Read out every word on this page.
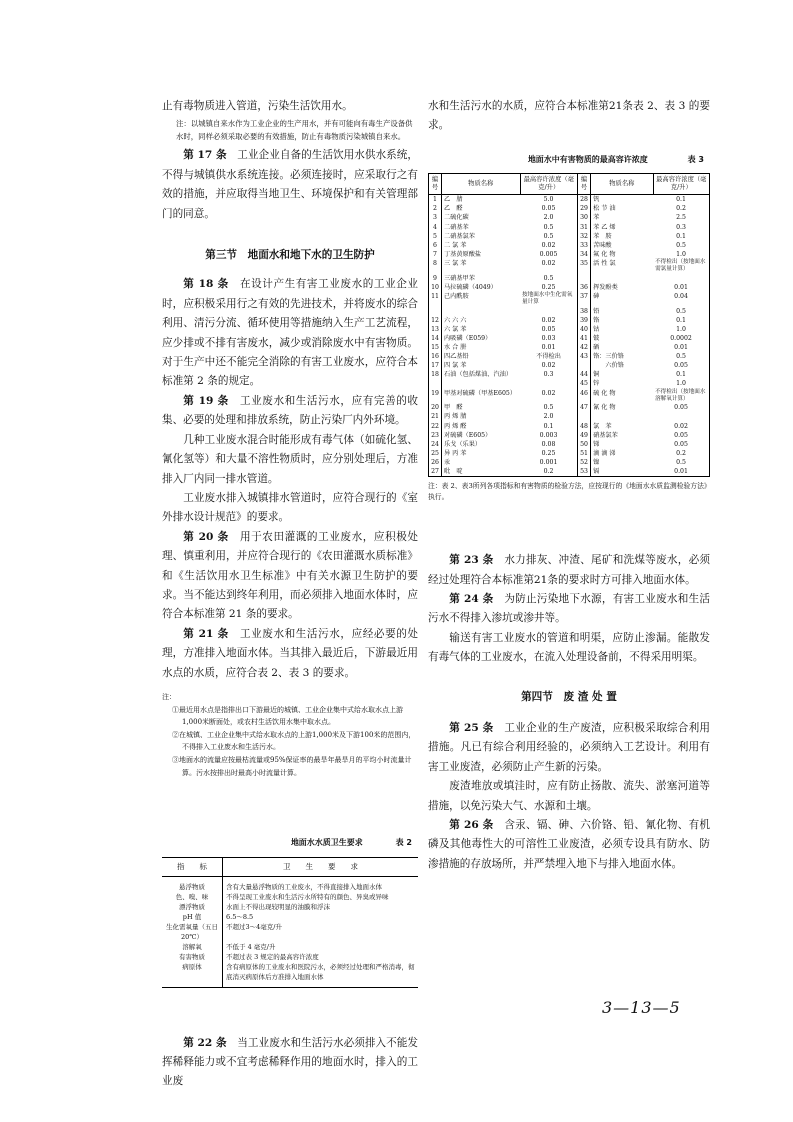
止有毒物质进入管道，污染生活饮用水。

注：以城镇自来水作为工业企业的生产用水，并有可能向有毒生产设备供水时，同样必须采取必要的有效措施，防止有毒物质污染城镇自来水。

第 17 条　 工业企业自备的生活饮用水供水系统，不得与城镇供水系统连接。必须连接时，应采取行之有效的措施，并应取得当地卫生、环境保护和有关管理部门的同意。

第三节　地面水和地下水的卫生防护

第 18 条　 在设计产生有害工业废水的工业企业时，应积极采用行之有效的先进技术，并将废水的综合利用、清污分流、循环使用等措施纳入生产工艺流程，应少排或不排有害废水，减少或消除废水中有害物质。对于生产中还不能完全消除的有害工业废水，应符合本标准第 2 条的规定。

第 19 条　 工业废水和生活污水，应有完善的收集、必要的处理和排放系统，防止污染厂内外环境。

几种工业废水混合时能形成有毒气体（如硫化氢、氰化氢等）和大量不溶性物质时，应分别处理后，方准排入厂内同一排水管道。

工业废水排入城镇排水管道时，应符合现行的《室外排水设计规范》的要求。

第 20 条　 用于农田灌溉的工业废水，应积极处理、慎重利用，并应符合现行的《农田灌溉水质标准》和《生活饮用水卫生标准》中有关水源卫生防护的要求。当不能达到终年利用，而必须排入地面水体时，应符合本标准第 21 条的要求。

第 21 条　 工业废水和生活污水，应经必要的处理，方准排入地面水体。当其排入最近后，下游最近用水点的水质，应符合表 2、表 3 的要求。

注：
①最近用水点是指排出口下游最近的城镇、工业企业集中式给水取水点上游1,000米断面处，或农村生活饮用水集中取水点。
②在城镇、工业企业集中式给水取水点的上游1,000米及下游100米的范围内，不得排入工业废水和生活污水。
③地面水的流量应按最枯流量或95%保证率的最旱年最旱月的平均小时流量计算。污水按排出时最高小时流量计算。
地面水水质卫生要求	表 2
指　　标	卫　　生　　要　　求
悬浮物质	含有大量悬浮物质的工业废水，不得直接排入地面水体
色、嗅、味	不得呈现工业废水和生活污水所特有的颜色、异臭或异味
漂浮物质	水面上不得出现较明显的油膜和浮沫
pH 值	6.5～8.5
生化需氧量（五日20℃）	不超过3～4毫克/升
溶解氧	不低于 4 毫克/升
有害物质	不超过表 3 规定的最高容许浓度
病原体	含有病原体的工业废水和医院污水，必须经过处理和严格消毒，彻底消灭病原体后方准排入地面水体

第 22 条　 当工业废水和生活污水必须排入不能发挥稀释能力或不宜考虑稀释作用的地面水时，排入的工业废

水和生活污水的水质，应符合本标准第21条表 2、表 3 的要求。

地面水中有害物质的最高容许浓度	表 3
编号	物质名称	最高容许浓度（毫克/升）	编号	物质名称	最高容许浓度（毫克/升）
1	乙　腈	5.0	28	钒	0.1
2	乙　醛	0.05	29	松 节 油	0.2
3	二硫化碳	2.0	30	苯	2.5
4	二硝基苯	0.5	31	苯 乙 烯	0.3
5	二硝基氯苯	0.5	32	苯　胺	0.1
6	二 氯 苯	0.02	33	苦味酸	0.5
7	丁基黄原酸盐	0.005	34	氟 化 物	1.0
8	三 氯 苯	0.02	35	活 性 氯	不得检出（按地面水需氯量计算）
9	三硝基甲苯	0.5			
10	马拉硫磷（4049）	0.25	36	挥发酚类	0.01
11	己内酰胺	按地面水中生化需氧量计算	37	砷	0.04
			38	铅	0.5
12	六 六 六	0.02	39	铬	0.1
13	六 氯 苯	0.05	40	钴	1.0
14	内吸磷（E059）	0.03	41	铍	0.0002
15	水 合 肼	0.01	42	硒	0.01
16	四乙基铅	不得检出	43	铬：三价铬	0.5
17	四 氯 苯	0.02		　　六价铬	0.05
18	石油（包括煤油、汽油）	0.3	44	铜	0.1
			45	锌	1.0
19	甲基对硫磷（甲基E605）	0.02	46	硫 化 物	不得检出（按地面水溶解氧计算）
20	甲　醛	0.5	47	氰 化 物	0.05
21	丙 烯 腈	2.0			
22	丙 烯 醛	0.1	48	氯　苯	0.02
23	对硫磷（E605）	0.003	49	硝基氯苯	0.05
24	乐戈（乐果）	0.08	50	锑	0.05
25	异 丙 苯	0.25	51	滴 滴 涕	0.2
26	汞	0.001	52	镍	0.5
27	吡　啶	0.2	53	镉	0.01
注：表 2、表3所列各项指标和有害物质的检验方法，应按现行的《地面水水质监测检验方法》执行。

第 23 条　 水力排灰、冲渣、尾矿和洗煤等废水，必须经过处理符合本标准第21条的要求时方可排入地面水体。

第 24 条　 为防止污染地下水源，有害工业废水和生活污水不得排入渗坑或渗井等。

输送有害工业废水的管道和明渠，应防止渗漏。能散发有毒气体的工业废水，在流入处理设备前，不得采用明渠。

第四节　废 渣 处 置

第 25 条　 工业企业的生产废渣，应积极采取综合利用措施。凡已有综合利用经验的，必须纳入工艺设计。利用有害工业废渣，必须防止产生新的污染。

废渣堆放或填洼时，应有防止扬散、流失、淤塞河道等措施，以免污染大气、水源和土壤。

第 26 条　 含汞、镉、砷、六价铬、铅、氰化物、有机磷及其他毒性大的可溶性工业废渣，必须专设具有防水、防渗措施的存放场所，并严禁埋入地下与排入地面水体。

3—13—5
